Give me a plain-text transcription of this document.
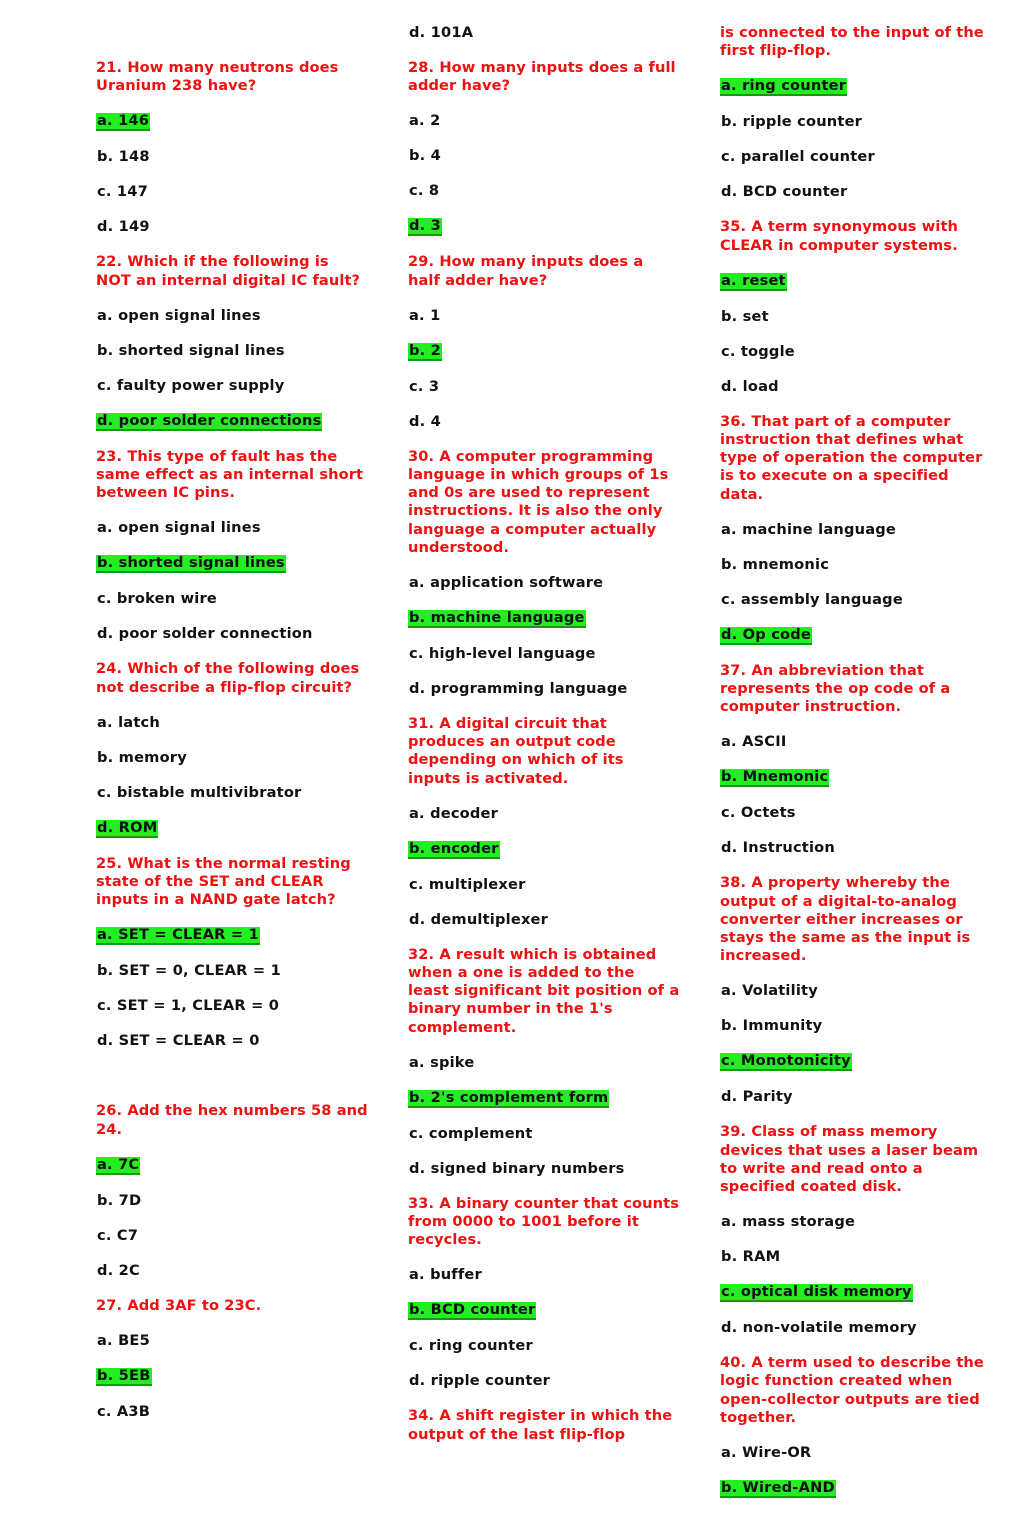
21. How many neutrons does Uranium 238 have?
a. 146
b. 148
c. 147
d. 149
22. Which if the following is NOT an internal digital IC fault?
a. open signal lines
b. shorted signal lines
c. faulty power supply
d. poor solder connections
23. This type of fault has the same effect as an internal short between IC pins.
a. open signal lines
b. shorted signal lines
c. broken wire
d. poor solder connection
24. Which of the following does not describe a flip-flop circuit?
a. latch
b. memory
c. bistable multivibrator
d. ROM
25. What is the normal resting state of the SET and CLEAR inputs in a NAND gate latch?
a. SET = CLEAR = 1
b. SET = 0, CLEAR = 1
c. SET = 1, CLEAR = 0
d. SET = CLEAR = 0
26. Add the hex numbers 58 and 24.
a. 7C
b. 7D
c. C7
d. 2C
27. Add 3AF to 23C.
a. BE5
b. 5EB
c. A3B
d. 101A
28. How many inputs does a full adder have?
a. 2
b. 4
c. 8
d. 3
29. How many inputs does a half adder have?
a. 1
b. 2
c. 3
d. 4
30. A computer programming language in which groups of 1s and 0s are used to represent instructions. It is also the only language a computer actually understood.
a. application software
b. machine language
c. high-level language
d. programming language
31. A digital circuit that produces an output code depending on which of its inputs is activated.
a. decoder
b. encoder
c. multiplexer
d. demultiplexer
32. A result which is obtained when a one is added to the least significant bit position of a binary number in the 1's complement.
a. spike
b. 2's complement form
c. complement
d. signed binary numbers
33. A binary counter that counts from 0000 to 1001 before it recycles.
a. buffer
b. BCD counter
c. ring counter
d. ripple counter
34. A shift register in which the output of the last flip-flop
is connected to the input of the first flip-flop.
a. ring counter
b. ripple counter
c. parallel counter
d. BCD counter
35. A term synonymous with CLEAR in computer systems.
a. reset
b. set
c. toggle
d. load
36. That part of a computer instruction that defines what type of operation the computer is to execute on a specified data.
a. machine language
b. mnemonic
c. assembly language
d. Op code
37. An abbreviation that represents the op code of a computer instruction.
a. ASCII
b. Mnemonic
c. Octets
d. Instruction
38. A property whereby the output of a digital-to-analog converter either increases or stays the same as the input is increased.
a. Volatility
b. Immunity
c. Monotonicity
d. Parity
39. Class of mass memory devices that uses a laser beam to write and read onto a specified coated disk.
a. mass storage
b. RAM
c. optical disk memory
d. non-volatile memory
40. A term used to describe the logic function created when open-collector outputs are tied together.
a. Wire-OR
b. Wired-AND
